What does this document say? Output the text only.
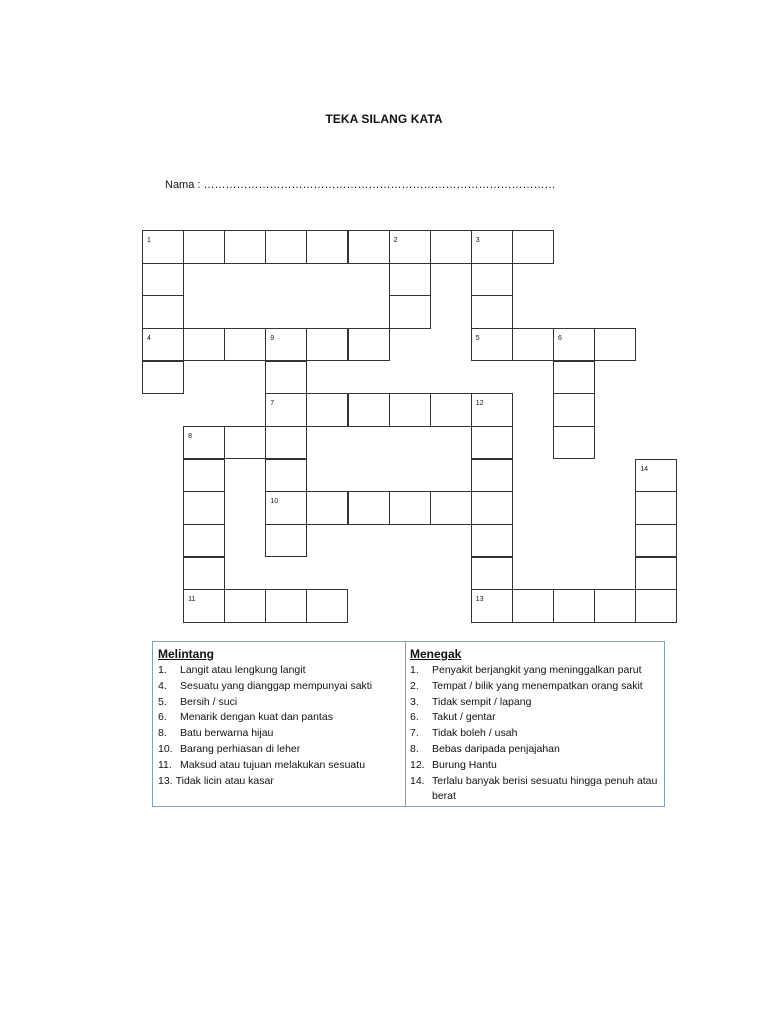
TEKA SILANG KATA
Nama : ……………………………………………………………………………………
1	2	3
4	9	5	6
7	12
8
14
10
11	13
Melintang
1.	Langit atau lengkung langit
4.	Sesuatu yang dianggap mempunyai sakti
5.	Bersih / suci
6.	Menarik dengan kuat dan pantas
8.	Batu berwarna hijau
10. Barang perhiasan di leher
11. Maksud atau tujuan melakukan sesuatu
13. Tidak licin atau kasar
Menegak
1.	Penyakit berjangkit yang meninggalkan parut
2.	Tempat / bilik yang menempatkan orang sakit
3.	Tidak sempit / lapang
6.	Takut / gentar
7.	Tidak boleh / usah
8.	Bebas daripada penjajahan
12. Burung Hantu
14. Terlalu banyak berisi sesuatu hingga penuh atau berat
